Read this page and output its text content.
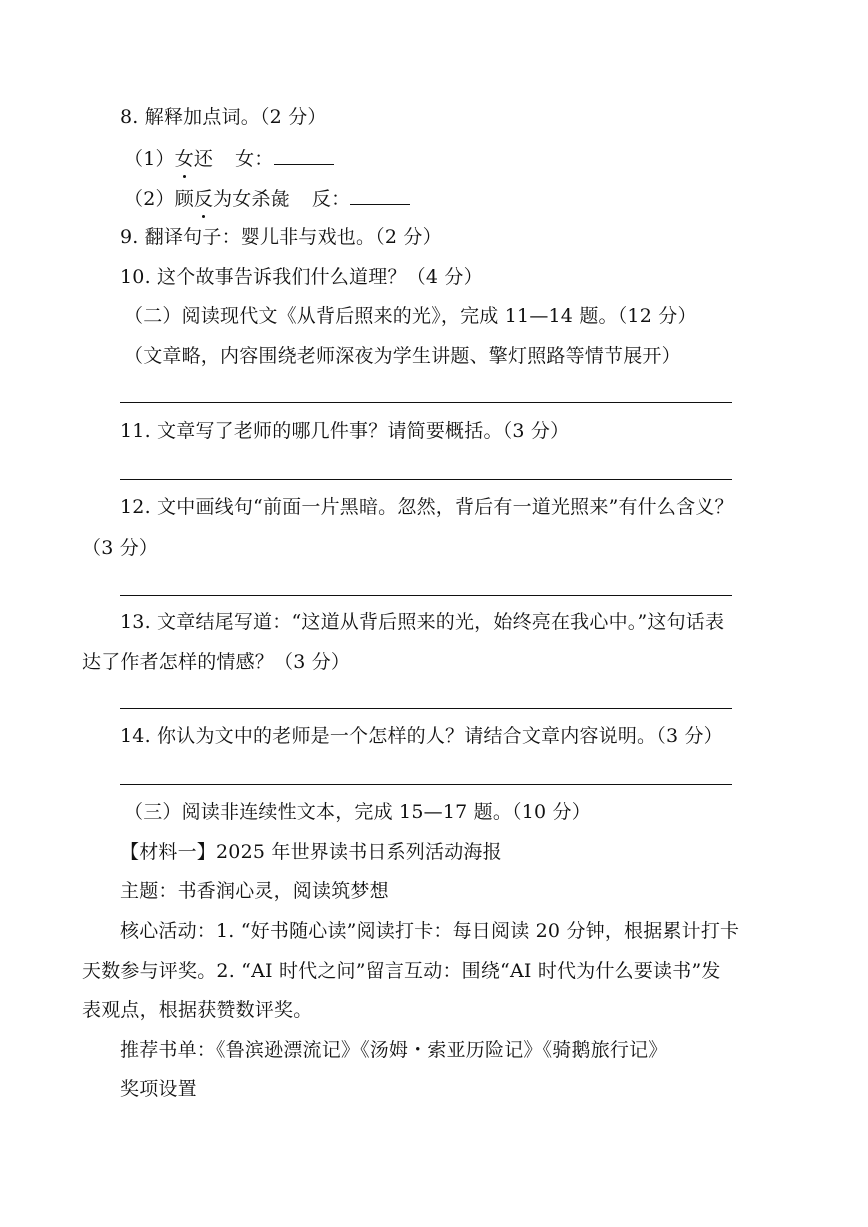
8. 解释加点词。（2 分）
（1）女还 女：
（2）顾反为女杀彘 反：
9. 翻译句子：婴儿非与戏也。（2 分）
10. 这个故事告诉我们什么道理？（4 分）
（二）阅读现代文《从背后照来的光》，完成 11—14 题。（12 分）
（文章略，内容围绕老师深夜为学生讲题、擎灯照路等情节展开）
11. 文章写了老师的哪几件事？请简要概括。（3 分）
12. 文中画线句“前面一片黑暗。忽然，背后有一道光照来”有什么含义？
（3 分）
13. 文章结尾写道：“这道从背后照来的光，始终亮在我心中。”这句话表
达了作者怎样的情感？（3 分）
14. 你认为文中的老师是一个怎样的人？请结合文章内容说明。（3 分）
（三）阅读非连续性文本，完成 15—17 题。（10 分）
【材料一】2025 年世界读书日系列活动海报
主题：书香润心灵，阅读筑梦想
核心活动：1. “好书随心读”阅读打卡：每日阅读 20 分钟，根据累计打卡
天数参与评奖。2. “AI 时代之问”留言互动：围绕“AI 时代为什么要读书”发
表观点，根据获赞数评奖。
推荐书单：《鲁滨逊漂流记》《汤姆・索亚历险记》《骑鹅旅行记》
奖项设置
